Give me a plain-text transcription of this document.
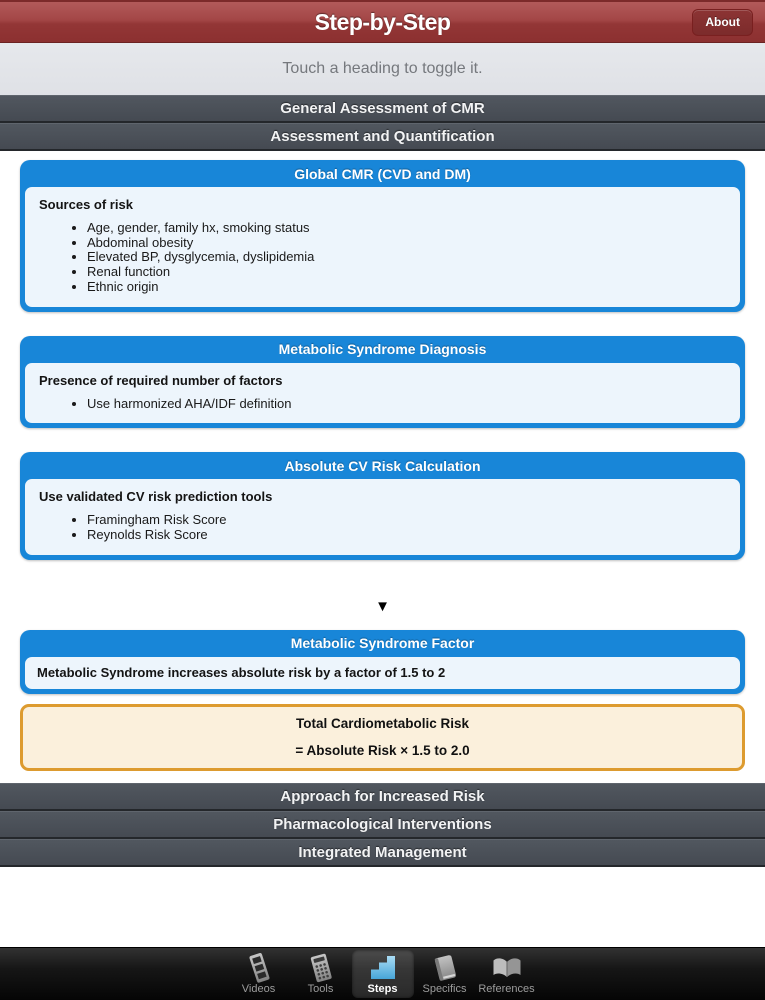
Step-by-Step	About
Touch a heading to toggle it.
General Assessment of CMR
Assessment and Quantification
Global CMR (CVD and DM)
Sources of risk
• Age, gender, family hx, smoking status
• Abdominal obesity
• Elevated BP, dysglycemia, dyslipidemia
• Renal function
• Ethnic origin
Metabolic Syndrome Diagnosis
Presence of required number of factors
• Use harmonized AHA/IDF definition
Absolute CV Risk Calculation
Use validated CV risk prediction tools
• Framingham Risk Score
• Reynolds Risk Score
▼
Metabolic Syndrome Factor
Metabolic Syndrome increases absolute risk by a factor of 1.5 to 2
Total Cardiometabolic Risk
= Absolute Risk × 1.5 to 2.0
Approach for Increased Risk
Pharmacological Interventions
Integrated Management
Videos	Tools	Steps Specifics References
